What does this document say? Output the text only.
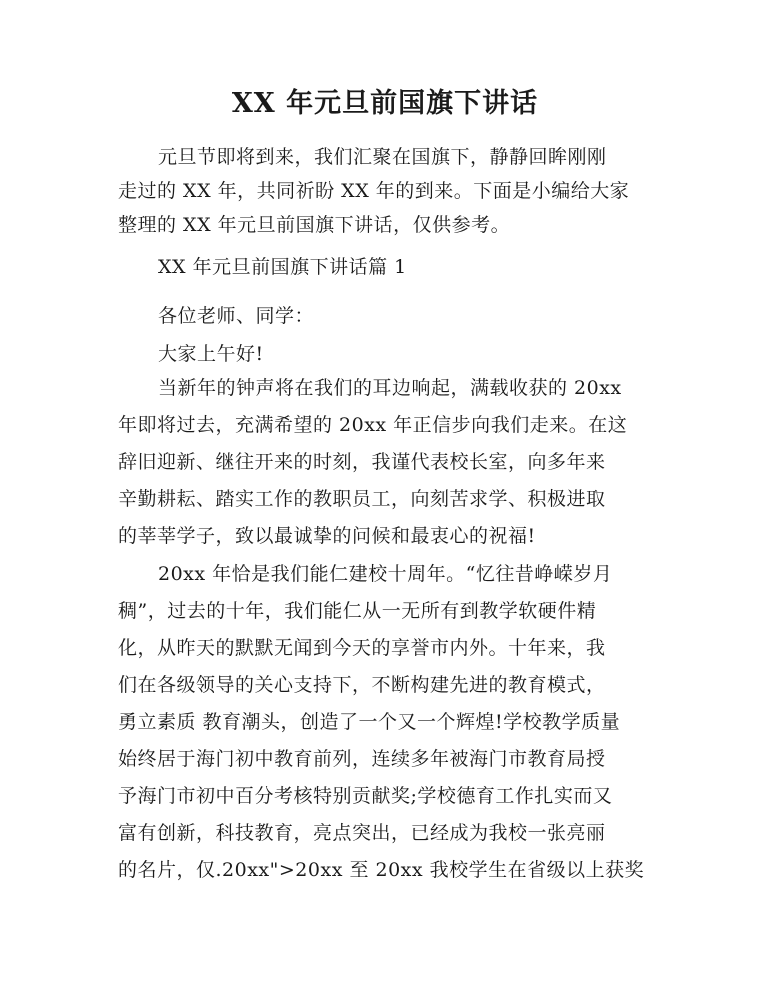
XX 年元旦前国旗下讲话
元旦节即将到来，我们汇聚在国旗下，静静回眸刚刚
走过的 XX 年，共同祈盼 XX 年的到来。下面是小编给大家
整理的 XX 年元旦前国旗下讲话，仅供参考。
XX 年元旦前国旗下讲话篇 1
各位老师、同学：
大家上午好!
当新年的钟声将在我们的耳边响起，满载收获的 20xx
年即将过去，充满希望的 20xx 年正信步向我们走来。在这
辞旧迎新、继往开来的时刻，我谨代表校长室，向多年来
辛勤耕耘、踏实工作的教职员工，向刻苦求学、积极进取
的莘莘学子，致以最诚挚的问候和最衷心的祝福!
20xx 年恰是我们能仁建校十周年。“忆往昔峥嵘岁月
稠”，过去的十年，我们能仁从一无所有到教学软硬件精
化，从昨天的默默无闻到今天的享誉市内外。十年来，我
们在各级领导的关心支持下，不断构建先进的教育模式，
勇立素质 教育潮头，创造了一个又一个辉煌!学校教学质量
始终居于海门初中教育前列，连续多年被海门市教育局授
予海门市初中百分考核特别贡献奖;学校德育工作扎实而又
富有创新，科技教育，亮点突出，已经成为我校一张亮丽
的名片，仅.20xx">20xx 至 20xx 我校学生在省级以上获奖
